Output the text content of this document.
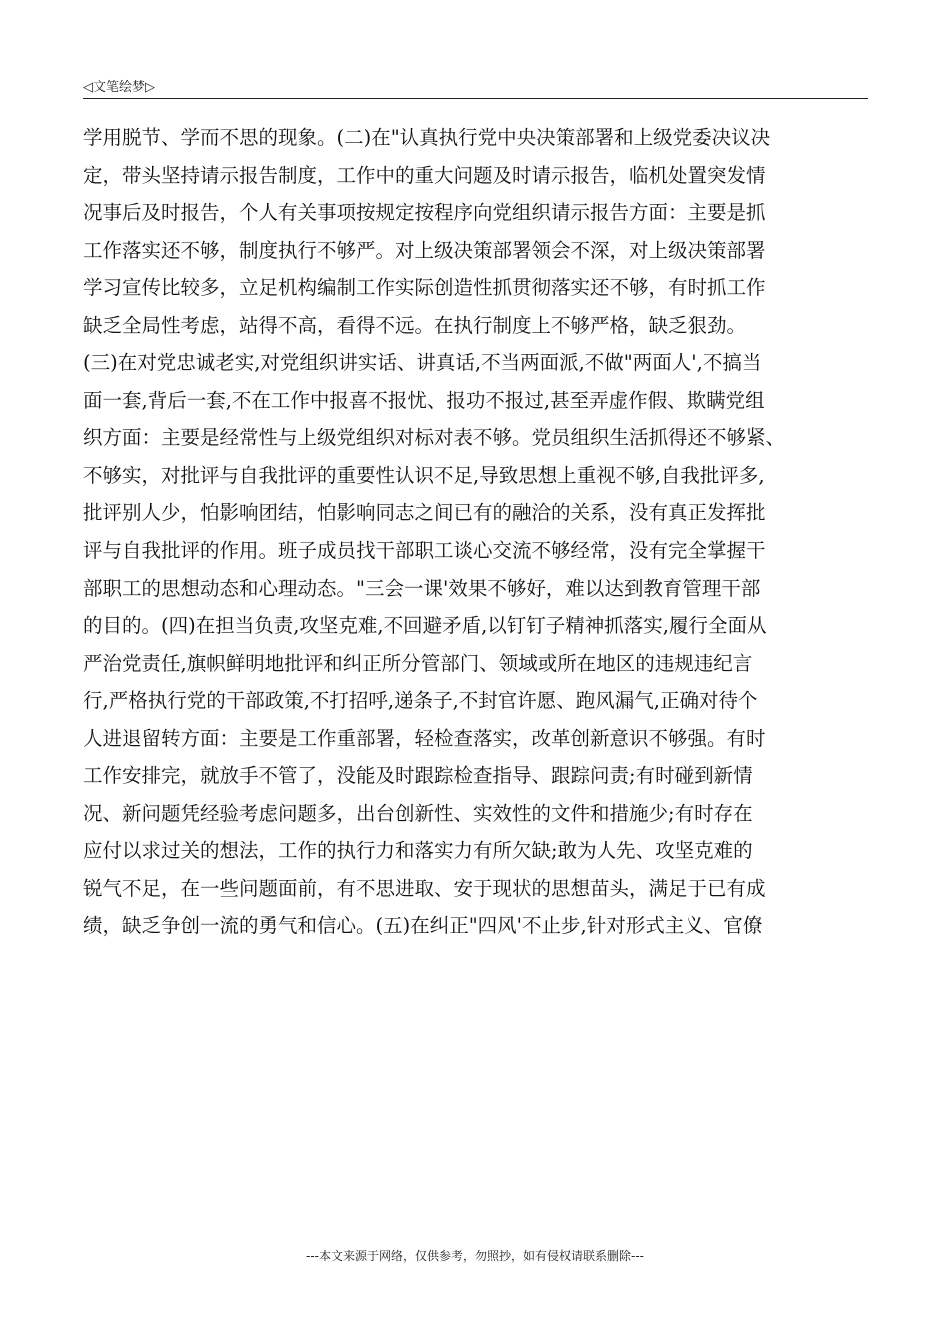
◁文笔绘梦▷
学用脱节、学而不思的现象。(二)在"认真执行党中央决策部署和上级党委决议决
定，带头坚持请示报告制度，工作中的重大问题及时请示报告，临机处置突发情
况事后及时报告，个人有关事项按规定按程序向党组织请示报告方面：主要是抓
工作落实还不够，制度执行不够严。对上级决策部署领会不深，对上级决策部署
学习宣传比较多，立足机构编制工作实际创造性抓贯彻落实还不够，有时抓工作
缺乏全局性考虑，站得不高，看得不远。在执行制度上不够严格，缺乏狠劲。
(三)在对党忠诚老实,对党组织讲实话、讲真话,不当两面派,不做"两面人',不搞当
面一套,背后一套,不在工作中报喜不报忧、报功不报过,甚至弄虚作假、欺瞒党组
织方面：主要是经常性与上级党组织对标对表不够。党员组织生活抓得还不够紧、
不够实，对批评与自我批评的重要性认识不足,导致思想上重视不够,自我批评多,
批评别人少，怕影响团结，怕影响同志之间已有的融洽的关系，没有真正发挥批
评与自我批评的作用。班子成员找干部职工谈心交流不够经常，没有完全掌握干
部职工的思想动态和心理动态。"三会一课'效果不够好，难以达到教育管理干部
的目的。(四)在担当负责,攻坚克难,不回避矛盾,以钉钉子精神抓落实,履行全面从
严治党责任,旗帜鲜明地批评和纠正所分管部门、领域或所在地区的违规违纪言
行,严格执行党的干部政策,不打招呼,递条子,不封官许愿、跑风漏气,正确对待个
人进退留转方面：主要是工作重部署，轻检查落实，改革创新意识不够强。有时
工作安排完，就放手不管了，没能及时跟踪检查指导、跟踪问责;有时碰到新情
况、新问题凭经验考虑问题多，出台创新性、实效性的文件和措施少;有时存在
应付以求过关的想法，工作的执行力和落实力有所欠缺;敢为人先、攻坚克难的
锐气不足，在一些问题面前，有不思进取、安于现状的思想苗头，满足于已有成
绩，缺乏争创一流的勇气和信心。(五)在纠正"四风'不止步,针对形式主义、官僚
---本文来源于网络，仅供参考，勿照抄，如有侵权请联系删除---
